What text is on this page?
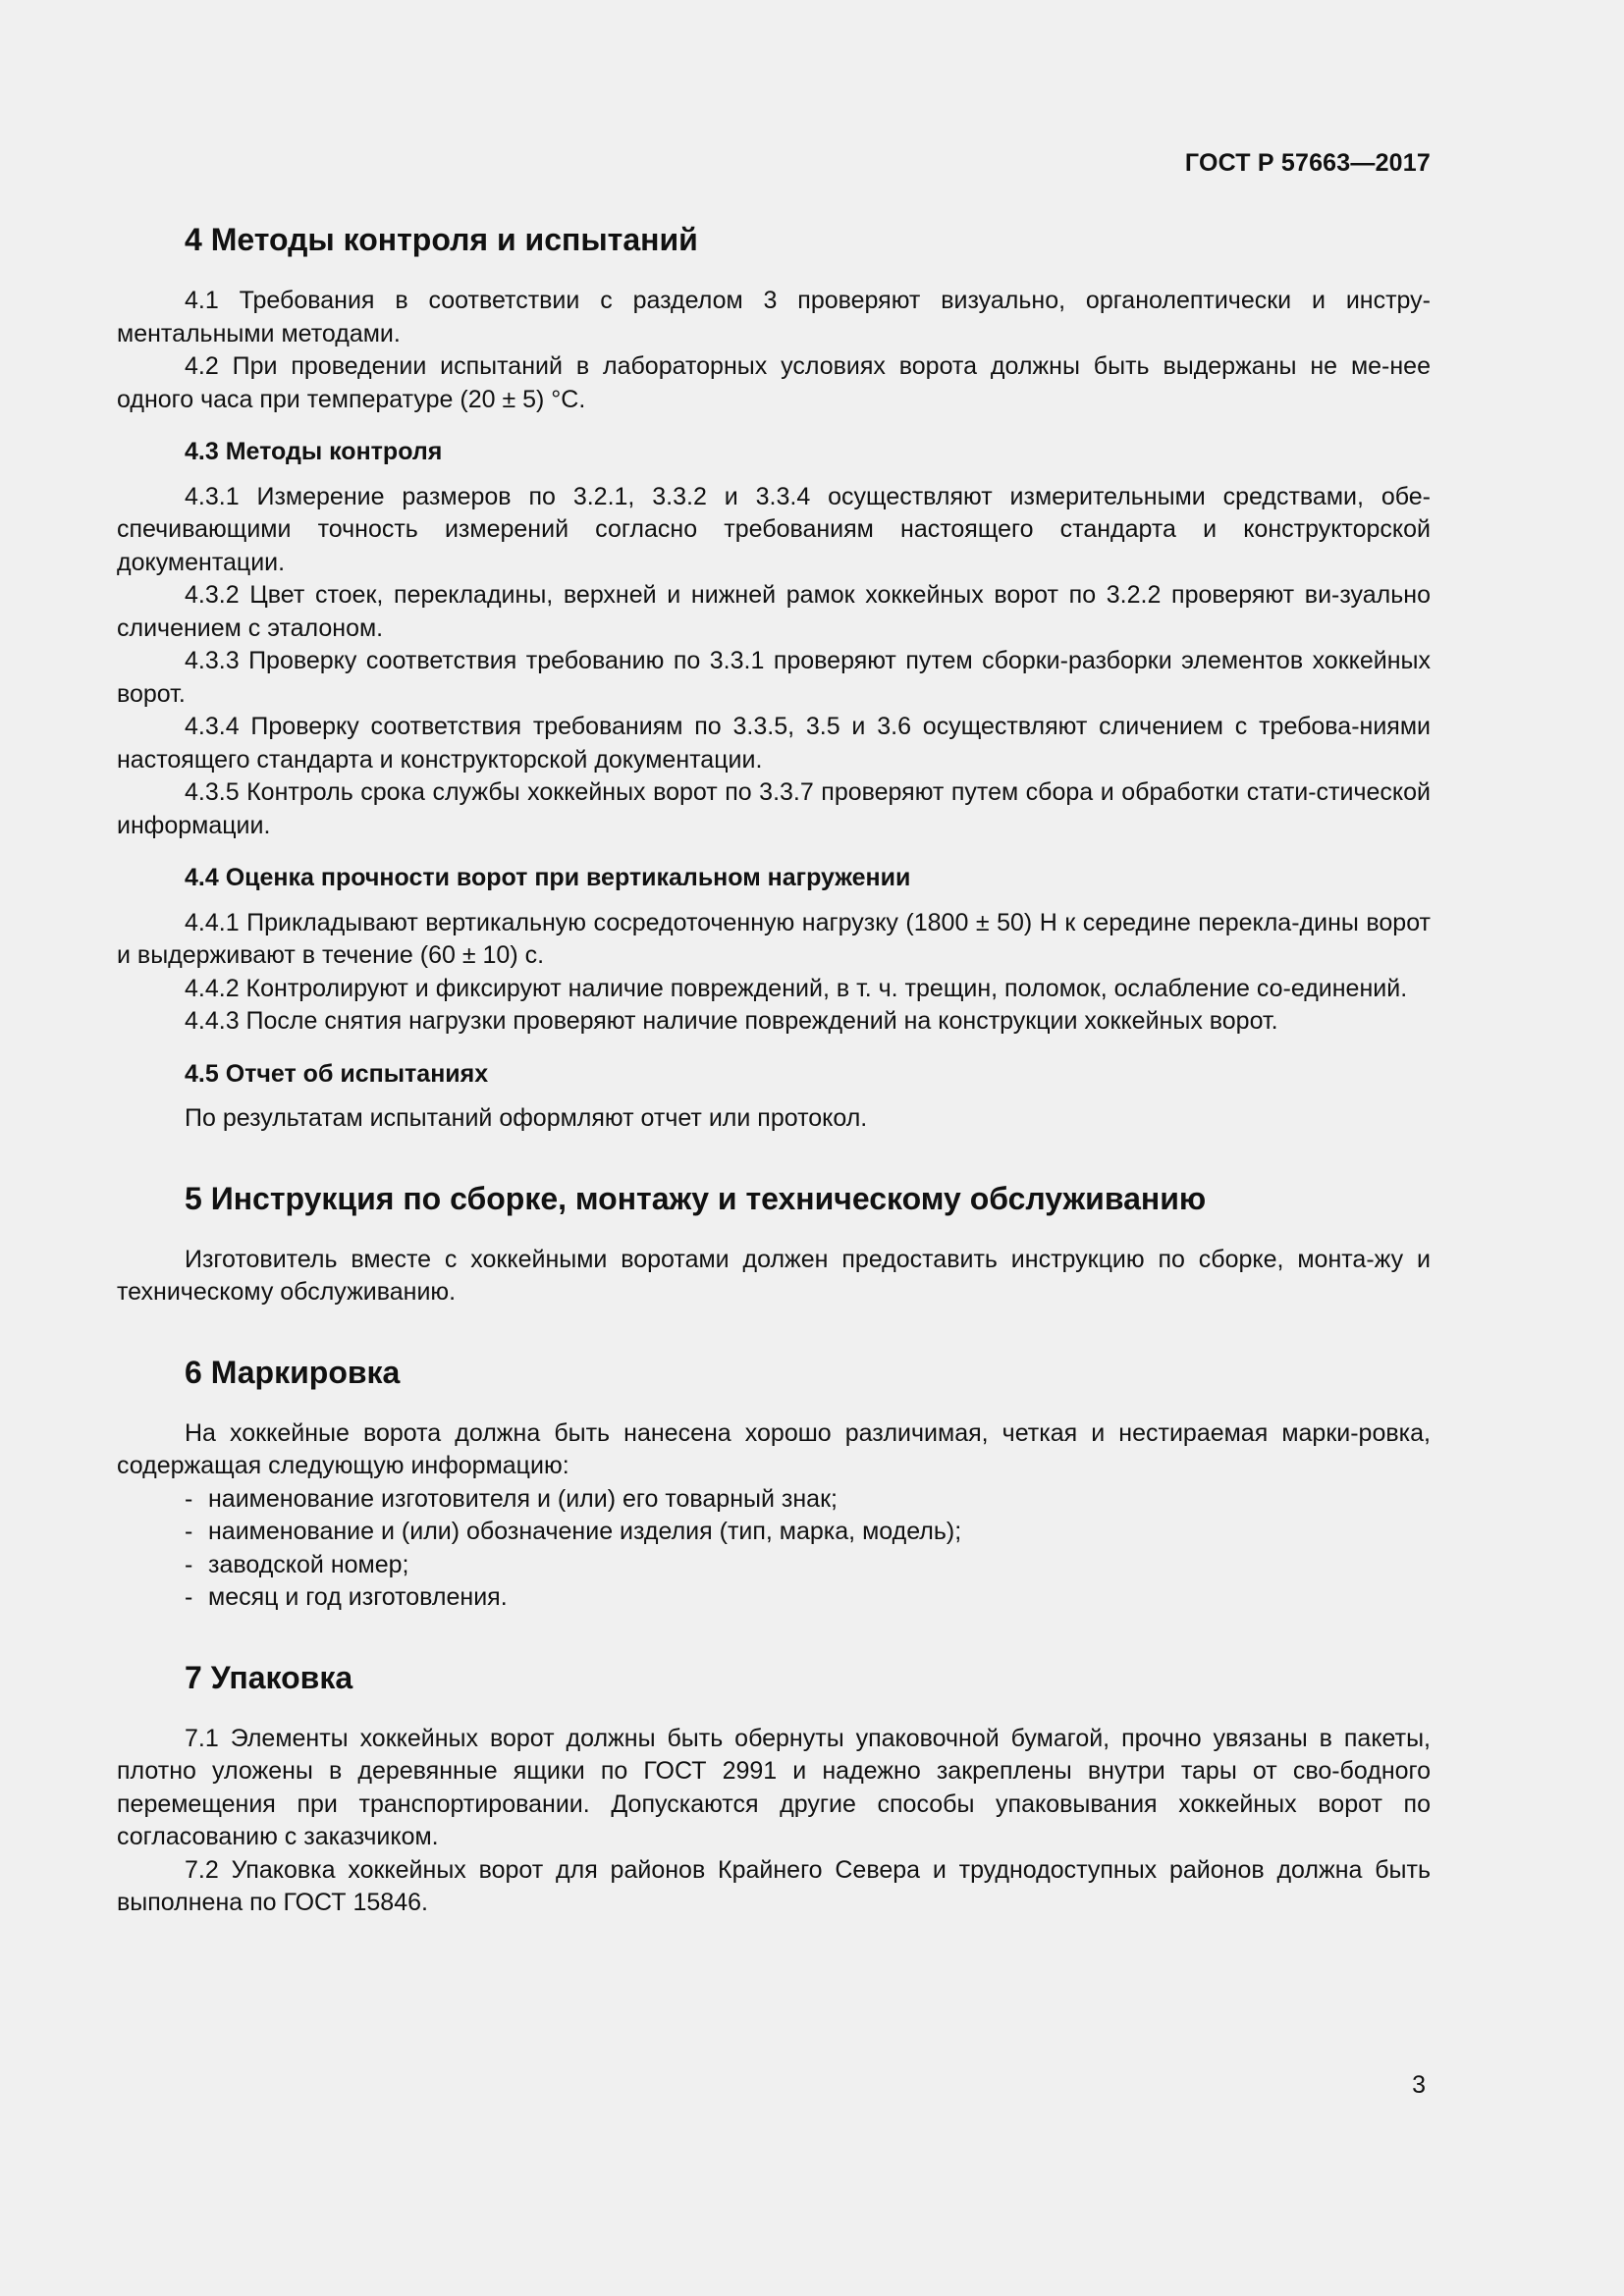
ГОСТ Р 57663—2017
4 Методы контроля и испытаний

4.1 Требования в соответствии с разделом 3 проверяют визуально, органолептически и инстру-ментальными методами.

4.2 При проведении испытаний в лабораторных условиях ворота должны быть выдержаны не ме-нее одного часа при температуре (20 ± 5) °С.

4.3 Методы контроля

4.3.1 Измерение размеров по 3.2.1, 3.3.2 и 3.3.4 осуществляют измерительными средствами, обе-спечивающими точность измерений согласно требованиям настоящего стандарта и конструкторской документации.

4.3.2 Цвет стоек, перекладины, верхней и нижней рамок хоккейных ворот по 3.2.2 проверяют ви-зуально сличением с эталоном.

4.3.3 Проверку соответствия требованию по 3.3.1 проверяют путем сборки-разборки элементов хоккейных ворот.

4.3.4 Проверку соответствия требованиям по 3.3.5, 3.5 и 3.6 осуществляют сличением с требова-ниями настоящего стандарта и конструкторской документации.

4.3.5 Контроль срока службы хоккейных ворот по 3.3.7 проверяют путем сбора и обработки стати-стической информации.

4.4 Оценка прочности ворот при вертикальном нагружении

4.4.1 Прикладывают вертикальную сосредоточенную нагрузку (1800 ± 50) Н к середине перекла-дины ворот и выдерживают в течение (60 ± 10) с.

4.4.2 Контролируют и фиксируют наличие повреждений, в т. ч. трещин, поломок, ослабление со-единений.

4.4.3 После снятия нагрузки проверяют наличие повреждений на конструкции хоккейных ворот.

4.5 Отчет об испытаниях

По результатам испытаний оформляют отчет или протокол.

5 Инструкция по сборке, монтажу и техническому обслуживанию

Изготовитель вместе с хоккейными воротами должен предоставить инструкцию по сборке, монта-жу и техническому обслуживанию.

6 Маркировка

На хоккейные ворота должна быть нанесена хорошо различимая, четкая и нестираемая марки-ровка, содержащая следующую информацию:

- наименование изготовителя и (или) его товарный знак;
- наименование и (или) обозначение изделия (тип, марка, модель);
- заводской номер;
- месяц и год изготовления.
7 Упаковка

7.1 Элементы хоккейных ворот должны быть обернуты упаковочной бумагой, прочно увязаны в пакеты, плотно уложены в деревянные ящики по ГОСТ 2991 и надежно закреплены внутри тары от сво-бодного перемещения при транспортировании. Допускаются другие способы упаковывания хоккейных ворот по согласованию с заказчиком.

7.2 Упаковка хоккейных ворот для районов Крайнего Севера и труднодоступных районов должна быть выполнена по ГОСТ 15846.

3
